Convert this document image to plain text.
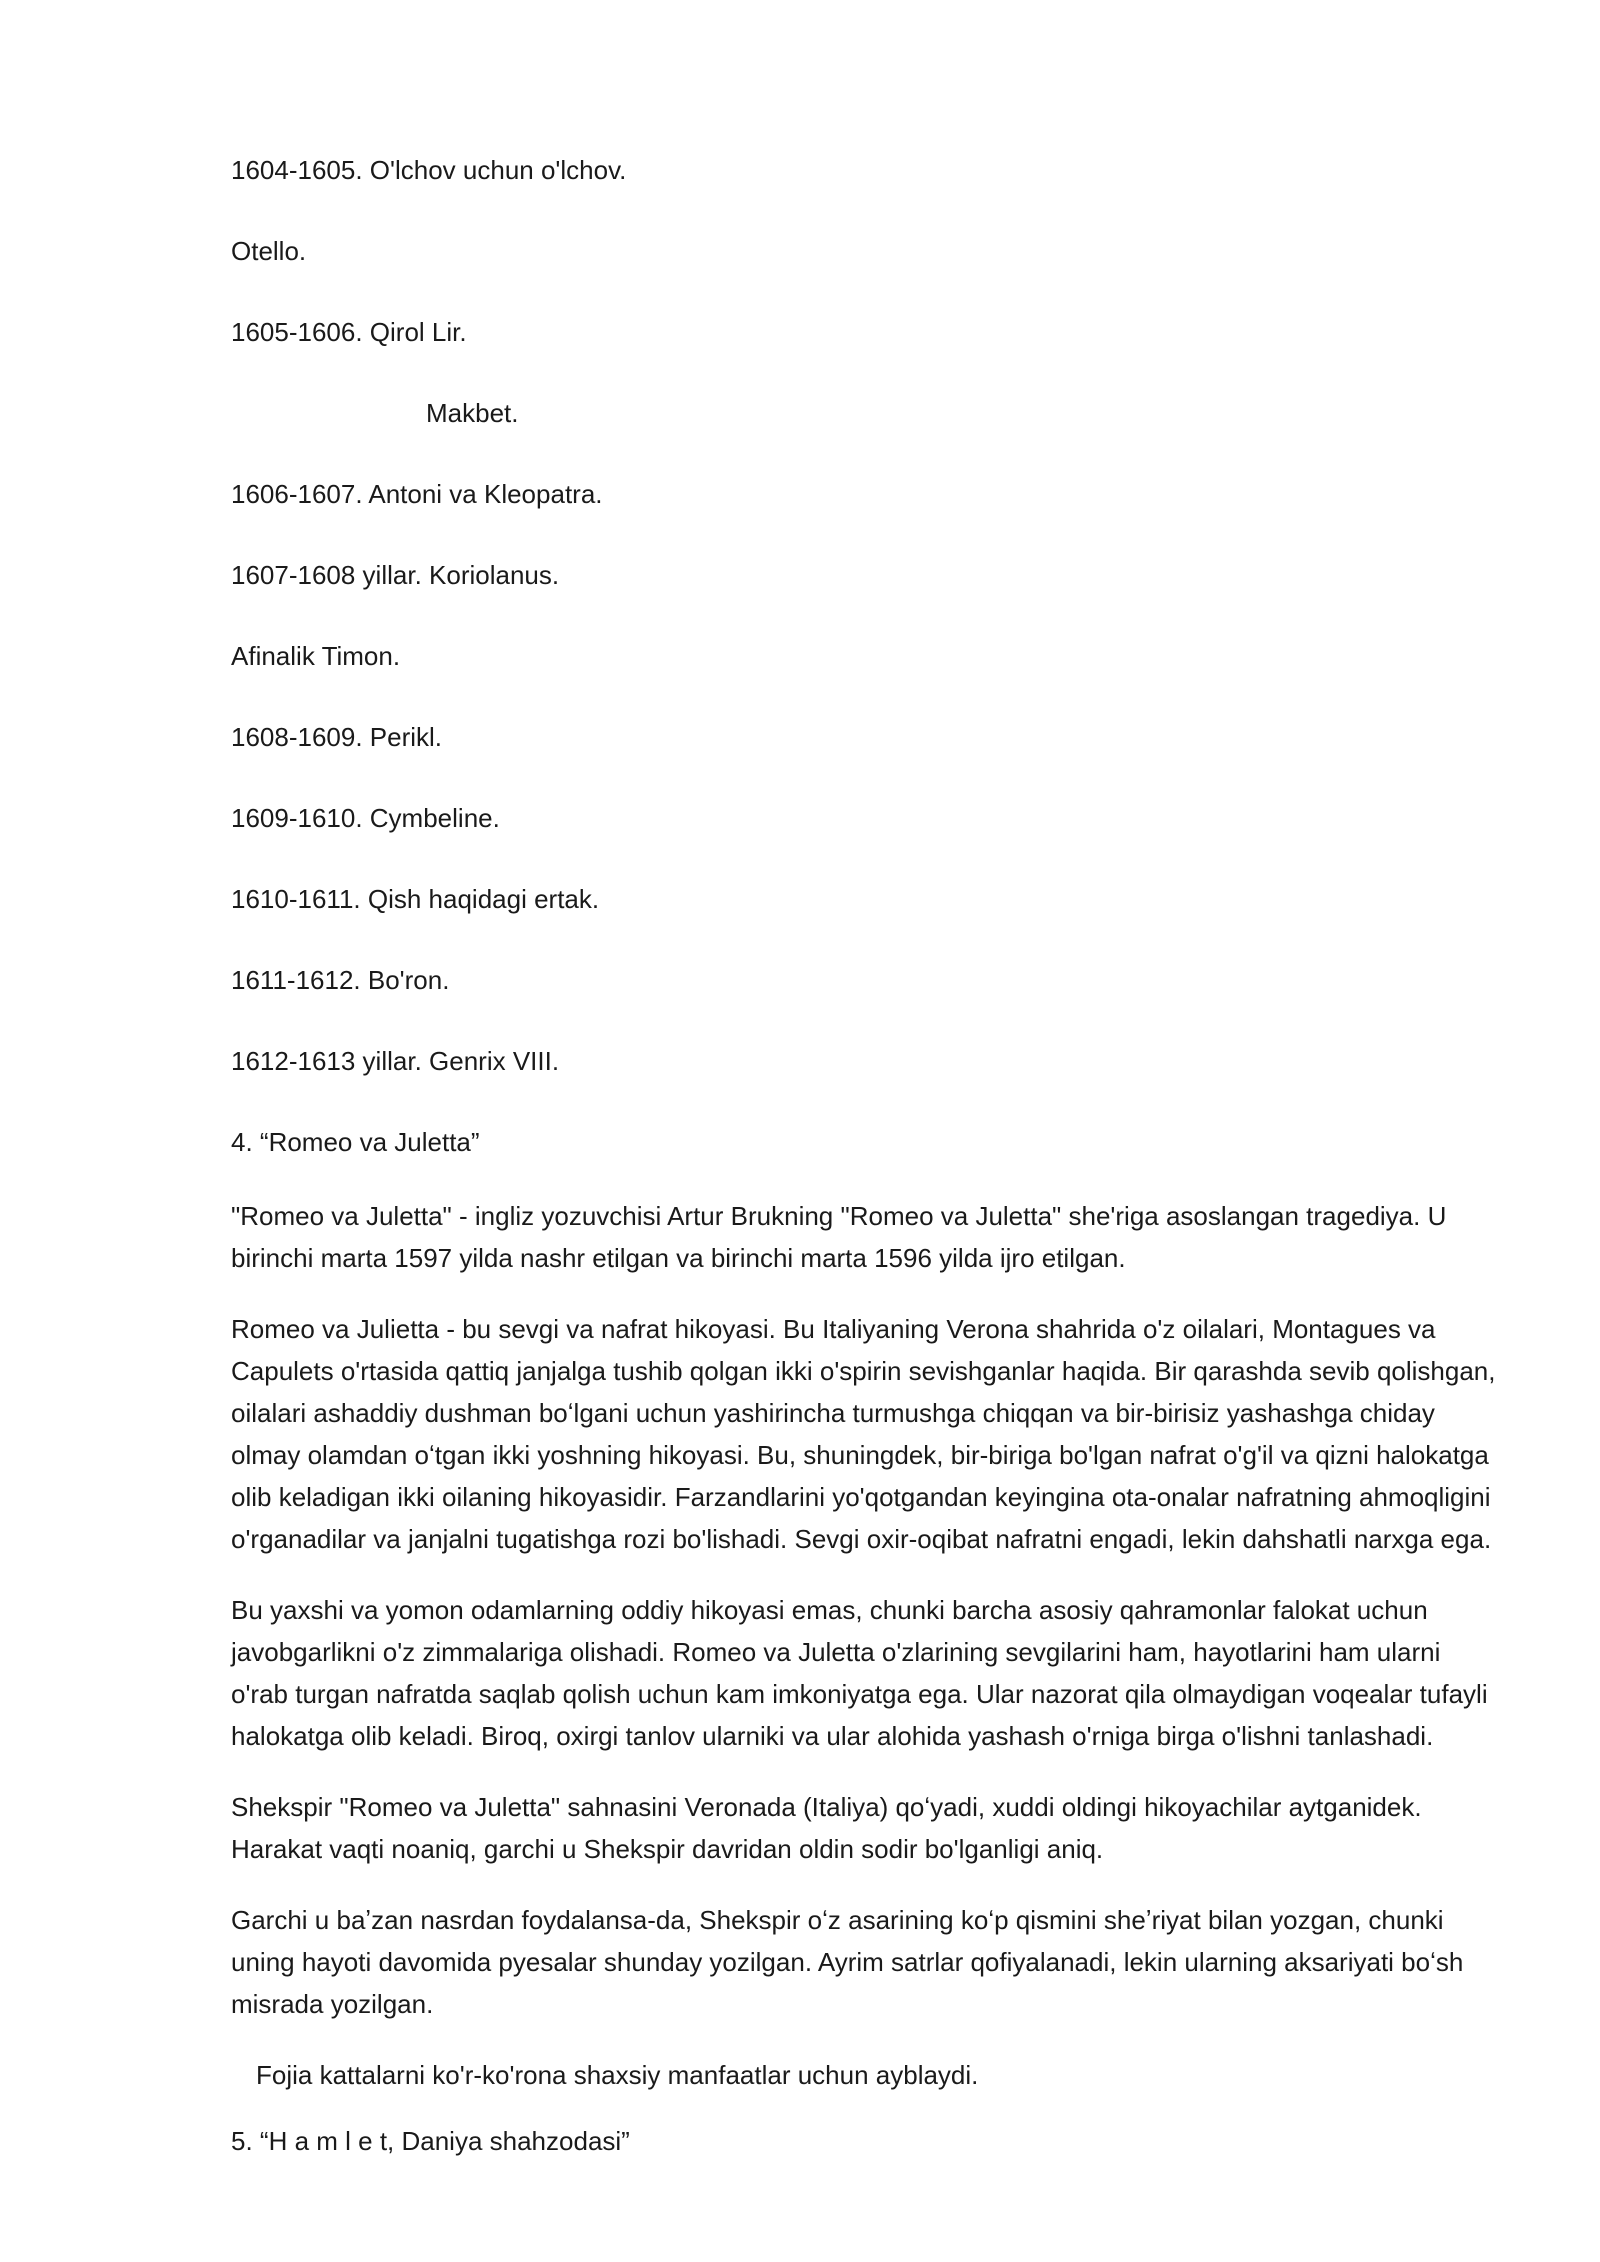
1604-1605. O'lchov uchun o'lchov.
Otello.
1605-1606. Qirol Lir.
Makbet.
1606-1607. Antoni va Kleopatra.
1607-1608 yillar. Koriolanus.
Afinalik Timon.
1608-1609. Perikl.
1609-1610. Cymbeline.
1610-1611. Qish haqidagi ertak.
1611-1612. Bo'ron.
1612-1613 yillar. Genrix VIII.
4. “Romeo va Juletta”

"Romeo va Juletta" - ingliz yozuvchisi Artur Brukning "Romeo va Juletta" she'riga asoslangan tragediya. U birinchi marta 1597 yilda nashr etilgan va birinchi marta 1596 yilda ijro etilgan.

Romeo va Julietta - bu sevgi va nafrat hikoyasi. Bu Italiyaning Verona shahrida o'z oilalari, Montagues va Capulets o'rtasida qattiq janjalga tushib qolgan ikki o'spirin sevishganlar haqida. Bir qarashda sevib qolishgan, oilalari ashaddiy dushman boʻlgani uchun yashirincha turmushga chiqqan va bir-birisiz yashashga chiday olmay olamdan oʻtgan ikki yoshning hikoyasi. Bu, shuningdek, bir-biriga bo'lgan nafrat o'g'il va qizni halokatga olib keladigan ikki oilaning hikoyasidir. Farzandlarini yo'qotgandan keyingina ota-onalar nafratning ahmoqligini o'rganadilar va janjalni tugatishga rozi bo'lishadi. Sevgi oxir-oqibat nafratni engadi, lekin dahshatli narxga ega.

Bu yaxshi va yomon odamlarning oddiy hikoyasi emas, chunki barcha asosiy qahramonlar falokat uchun javobgarlikni o'z zimmalariga olishadi. Romeo va Juletta o'zlarining sevgilarini ham, hayotlarini ham ularni o'rab turgan nafratda saqlab qolish uchun kam imkoniyatga ega. Ular nazorat qila olmaydigan voqealar tufayli halokatga olib keladi. Biroq, oxirgi tanlov ularniki va ular alohida yashash o'rniga birga o'lishni tanlashadi.

Shekspir "Romeo va Juletta" sahnasini Veronada (Italiya) qoʻyadi, xuddi oldingi hikoyachilar aytganidek. Harakat vaqti noaniq, garchi u Shekspir davridan oldin sodir bo'lganligi aniq.

Garchi u baʼzan nasrdan foydalansa-da, Shekspir oʻz asarining koʻp qismini sheʼriyat bilan yozgan, chunki uning hayoti davomida pyesalar shunday yozilgan. Ayrim satrlar qofiyalanadi, lekin ularning aksariyati boʻsh misrada yozilgan.

Fojia kattalarni ko'r-ko'rona shaxsiy manfaatlar uchun ayblaydi.

5. “H a m l e t, Daniya shahzodasi”
